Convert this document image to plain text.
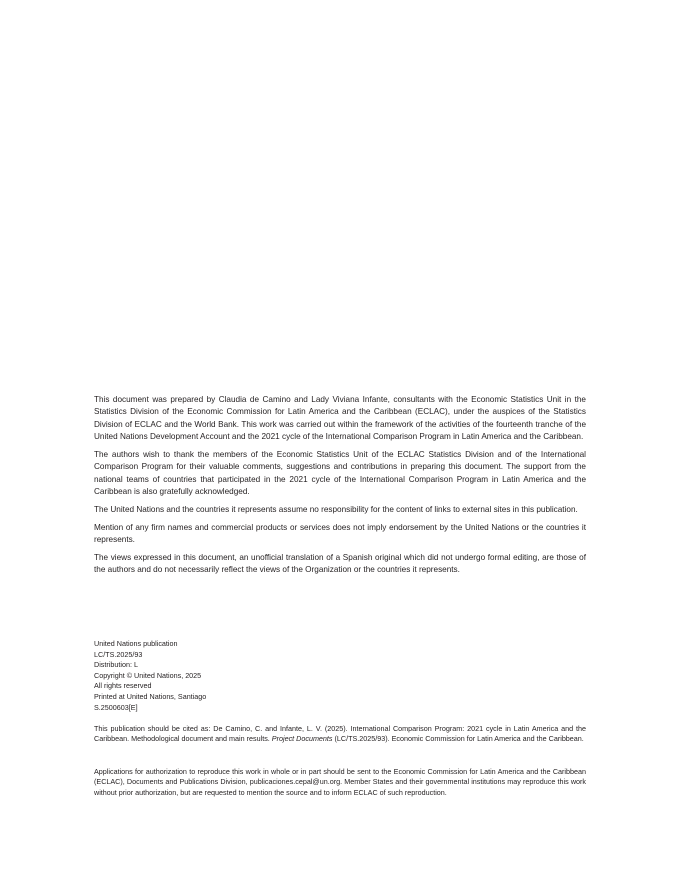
This document was prepared by Claudia de Camino and Lady Viviana Infante, consultants with the Economic Statistics Unit in the Statistics Division of the Economic Commission for Latin America and the Caribbean (ECLAC), under the auspices of the Statistics Division of ECLAC and the World Bank. This work was carried out within the framework of the activities of the fourteenth tranche of the United Nations Development Account and the 2021 cycle of the International Comparison Program in Latin America and the Caribbean.

The authors wish to thank the members of the Economic Statistics Unit of the ECLAC Statistics Division and of the International Comparison Program for their valuable comments, suggestions and contributions in preparing this document. The support from the national teams of countries that participated in the 2021 cycle of the International Comparison Program in Latin America and the Caribbean is also gratefully acknowledged.

The United Nations and the countries it represents assume no responsibility for the content of links to external sites in this publication.

Mention of any firm names and commercial products or services does not imply endorsement by the United Nations or the countries it represents.

The views expressed in this document, an unofficial translation of a Spanish original which did not undergo formal editing, are those of the authors and do not necessarily reflect the views of the Organization or the countries it represents.

United Nations publication
LC/TS.2025/93
Distribution: L
Copyright © United Nations, 2025
All rights reserved
Printed at United Nations, Santiago
S.2500603[E]
This publication should be cited as: De Camino, C. and Infante, L. V. (2025). International Comparison Program: 2021 cycle in Latin America and the Caribbean. Methodological document and main results. Project Documents (LC/TS.2025/93). Economic Commission for Latin America and the Caribbean.
Applications for authorization to reproduce this work in whole or in part should be sent to the Economic Commission for Latin America and the Caribbean (ECLAC), Documents and Publications Division, publicaciones.cepal@un.org. Member States and their governmental institutions may reproduce this work without prior authorization, but are requested to mention the source and to inform ECLAC of such reproduction.
